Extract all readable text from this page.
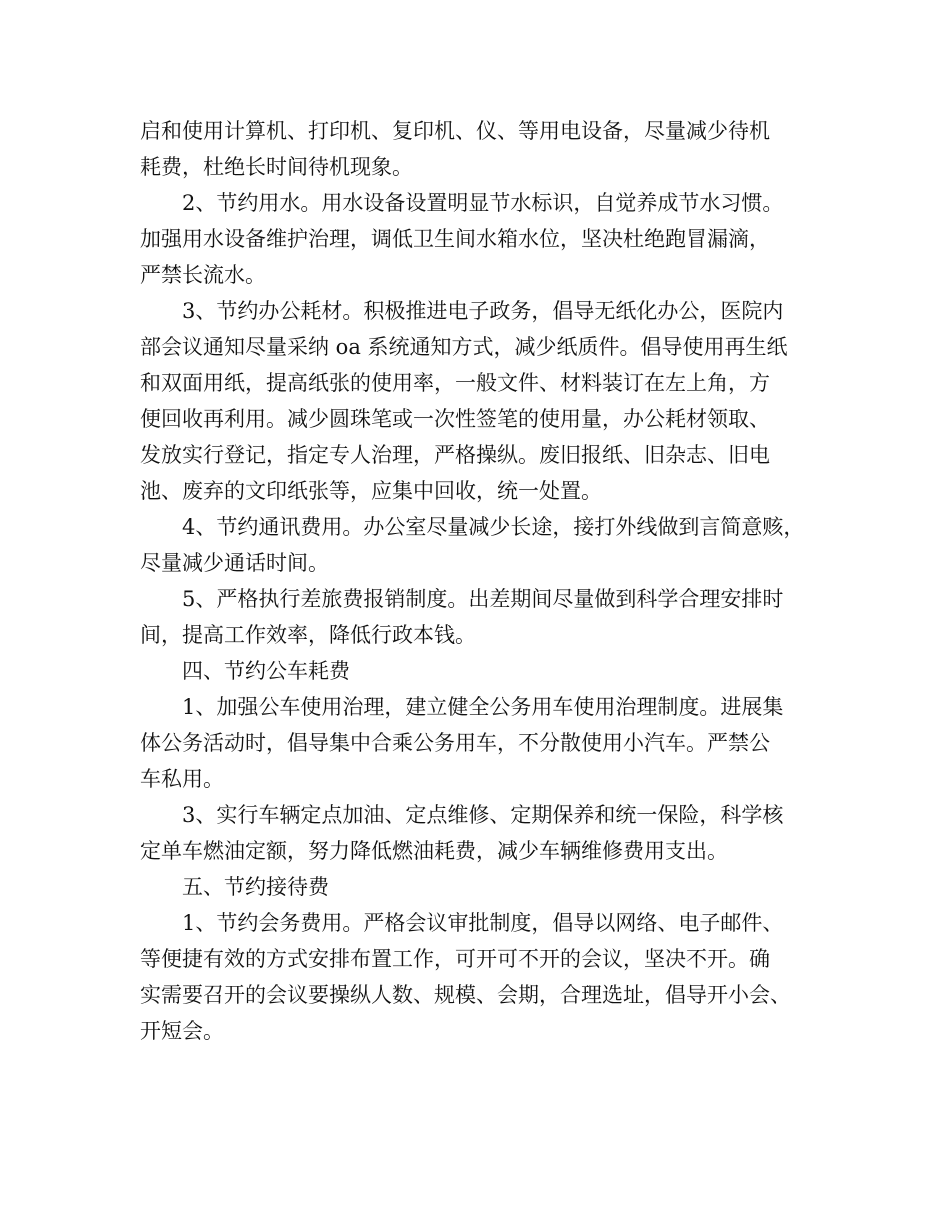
启和使用计算机、打印机、复印机、仪、等用电设备，尽量减少待机
耗费，杜绝长时间待机现象。
2、节约用水。用水设备设置明显节水标识，自觉养成节水习惯。
加强用水设备维护治理，调低卫生间水箱水位，坚决杜绝跑冒漏滴，
严禁长流水。
3、节约办公耗材。积极推进电子政务，倡导无纸化办公，医院内
部会议通知尽量采纳 oa 系统通知方式，减少纸质件。倡导使用再生纸
和双面用纸，提高纸张的使用率，一般文件、材料装订在左上角，方
便回收再利用。减少圆珠笔或一次性签笔的使用量，办公耗材领取、
发放实行登记，指定专人治理，严格操纵。废旧报纸、旧杂志、旧电
池、废弃的文印纸张等，应集中回收，统一处置。
4、节约通讯费用。办公室尽量减少长途，接打外线做到言简意赅，
尽量减少通话时间。
5、严格执行差旅费报销制度。出差期间尽量做到科学合理安排时
间，提高工作效率，降低行政本钱。
四、节约公车耗费
1、加强公车使用治理，建立健全公务用车使用治理制度。进展集
体公务活动时，倡导集中合乘公务用车，不分散使用小汽车。严禁公
车私用。
3、实行车辆定点加油、定点维修、定期保养和统一保险，科学核
定单车燃油定额，努力降低燃油耗费，减少车辆维修费用支出。
五、节约接待费
1、节约会务费用。严格会议审批制度，倡导以网络、电子邮件、
等便捷有效的方式安排布置工作，可开可不开的会议，坚决不开。确
实需要召开的会议要操纵人数、规模、会期，合理选址，倡导开小会、
开短会。
